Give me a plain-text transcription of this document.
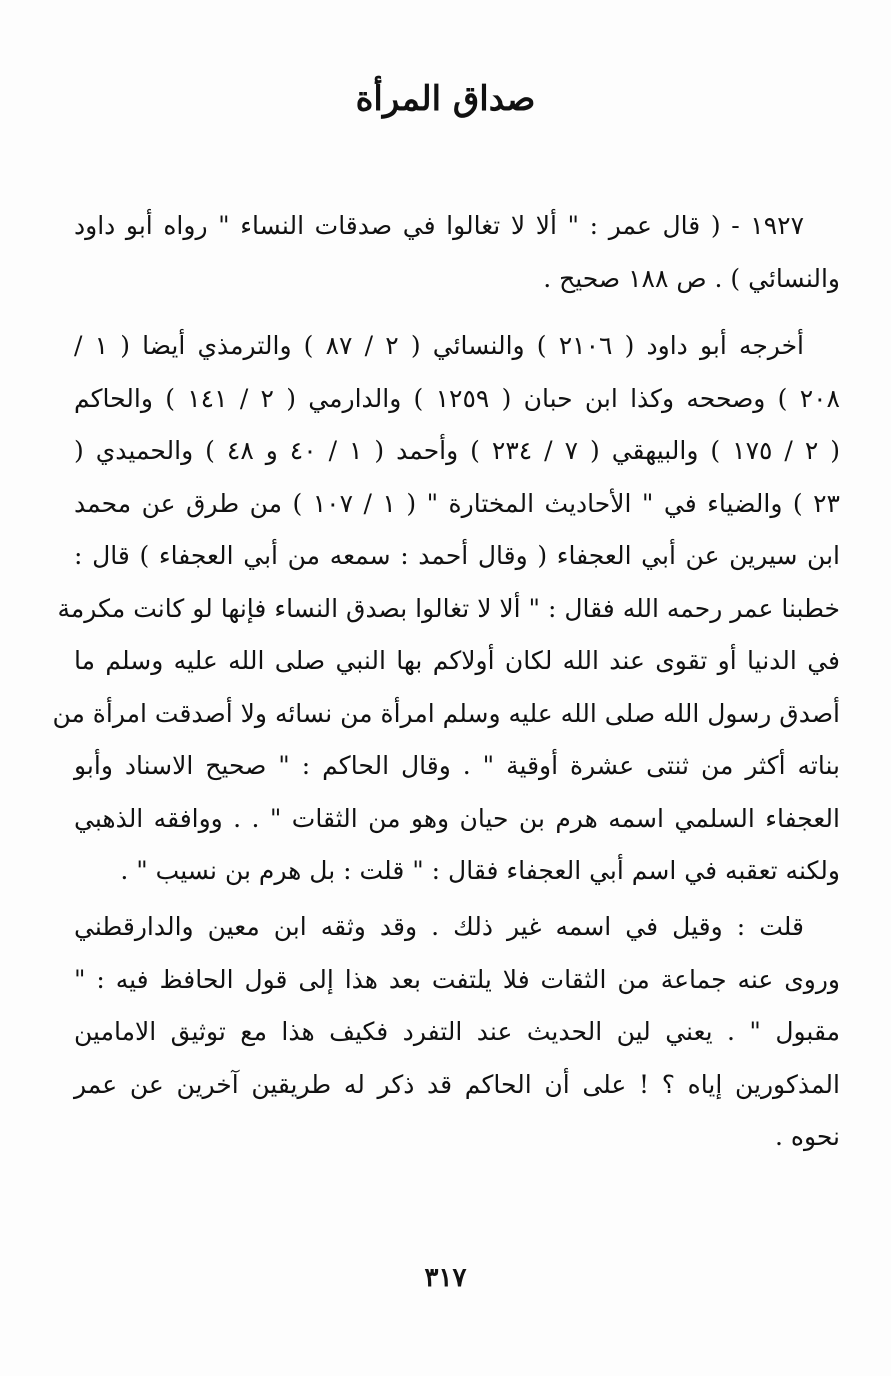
صداق المرأة
١٩٢٧ - ( قال عمر : " ألا لا تغالوا في صدقات النساء " رواه أبو داود
والنسائي ) . ص ١٨٨ صحيح .
أخرجه أبو داود ( ٢١٠٦ ) والنسائي ( ٢ / ٨٧ ) والترمذي أيضا ( ١ /
٢٠٨ ) وصححه وكذا ابن حبان ( ١٢٥٩ ) والدارمي ( ٢ / ١٤١ ) والحاكم
( ٢ / ١٧٥ ) والبيهقي ( ٧ / ٢٣٤ ) وأحمد ( ١ / ٤٠ و ٤٨ ) والحميدي (
٢٣ ) والضياء في " الأحاديث المختارة " ( ١ / ١٠٧ ) من طرق عن محمد
ابن سيرين عن أبي العجفاء ( وقال أحمد : سمعه من أبي العجفاء ) قال :
خطبنا عمر رحمه الله فقال : " ألا لا تغالوا بصدق النساء فإنها لو كانت مكرمة
في الدنيا أو تقوى عند الله لكان أولاكم بها النبي صلى الله عليه وسلم ما
أصدق رسول الله صلى الله عليه وسلم امرأة من نسائه ولا أصدقت امرأة من
بناته أكثر من ثنتى عشرة أوقية " . وقال الحاكم : " صحيح الاسناد وأبو
العجفاء السلمي اسمه هرم بن حيان وهو من الثقات " . . ووافقه الذهبي
ولكنه تعقبه في اسم أبي العجفاء فقال : " قلت : بل هرم بن نسيب " .
قلت : وقيل في اسمه غير ذلك . وقد وثقه ابن معين والدارقطني
وروى عنه جماعة من الثقات فلا يلتفت بعد هذا إلى قول الحافظ فيه : "
مقبول " . يعني لين الحديث عند التفرد فكيف هذا مع توثيق الامامين
المذكورين إياه ؟ ! على أن الحاكم قد ذكر له طريقين آخرين عن عمر
نحوه .
٣١٧
